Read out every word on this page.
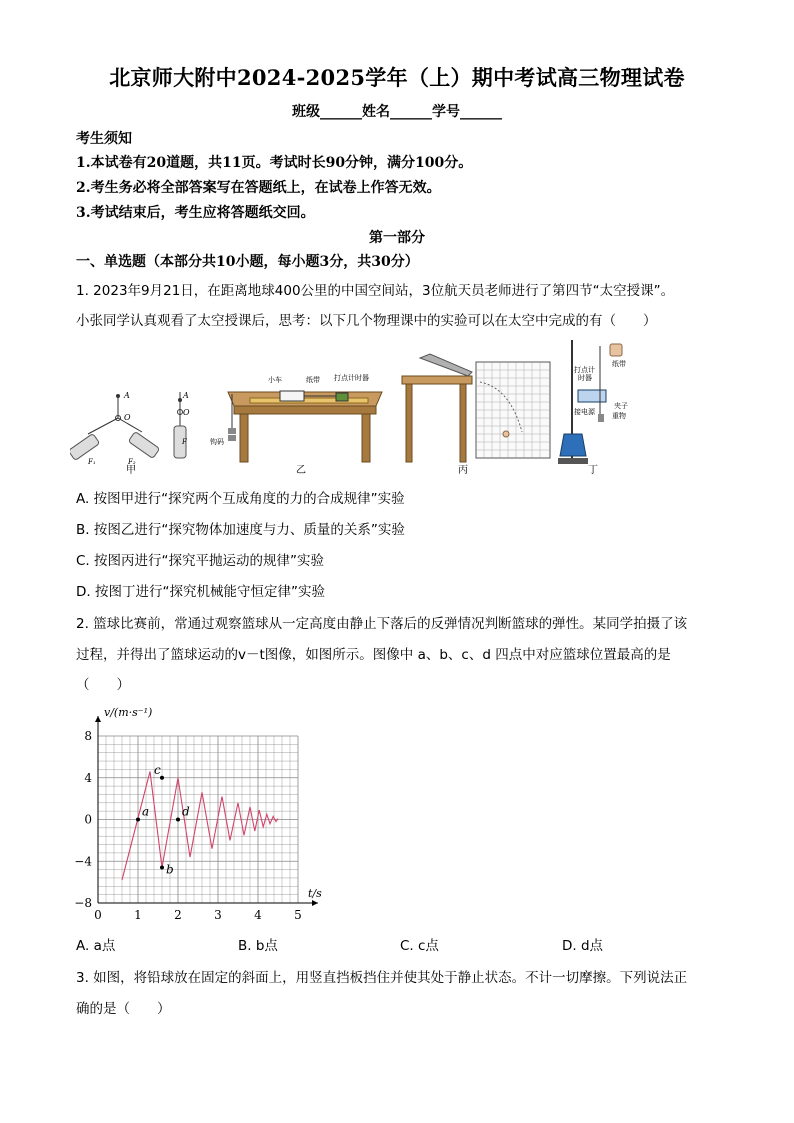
北京师大附中2024-2025学年（上）期中考试高三物理试卷
班级______姓名______学号______
考生须知
1.本试卷有20道题，共11页。考试时长90分钟，满分100分。
2.考生务必将全部答案写在答题纸上，在试卷上作答无效。
3.考试结束后，考生应将答题纸交回。
第一部分
一、单选题（本部分共10小题，每小题3分，共30分）
1. 2023年9月21日，在距离地球400公里的中国空间站，3位航天员老师进行了第四节“太空授课”。
小张同学认真观看了太空授课后，思考：以下几个物理课中的实验可以在太空中完成的有（　　）
A
O
F₁	F₂
A
O
F
甲
小车	纸带 打点计时器
钩码
乙	丙
打点计
时器
纸带
夹子
重物
接电源
丁
A. 按图甲进行“探究两个互成角度的力的合成规律”实验
B. 按图乙进行“探究物体加速度与力、质量的关系”实验
C. 按图丙进行“探究平抛运动的规律”实验
D. 按图丁进行“探究机械能守恒定律”实验
2. 篮球比赛前，常通过观察篮球从一定高度由静止下落后的反弹情况判断篮球的弹性。某同学拍摄了该
过程，并得出了篮球运动的v－t图像，如图所示。图像中 a、b、c、d 四点中对应篮球位置最高的是
（　　）
0	1	2	3	4	5
8
4
0
−4
−8
t/s
v/(m·s⁻¹)
a
b
c
d
A. a点	B. b点	C. c点	D. d点
3. 如图，将铅球放在固定的斜面上，用竖直挡板挡住并使其处于静止状态。不计一切摩擦。下列说法正
确的是（　　）
